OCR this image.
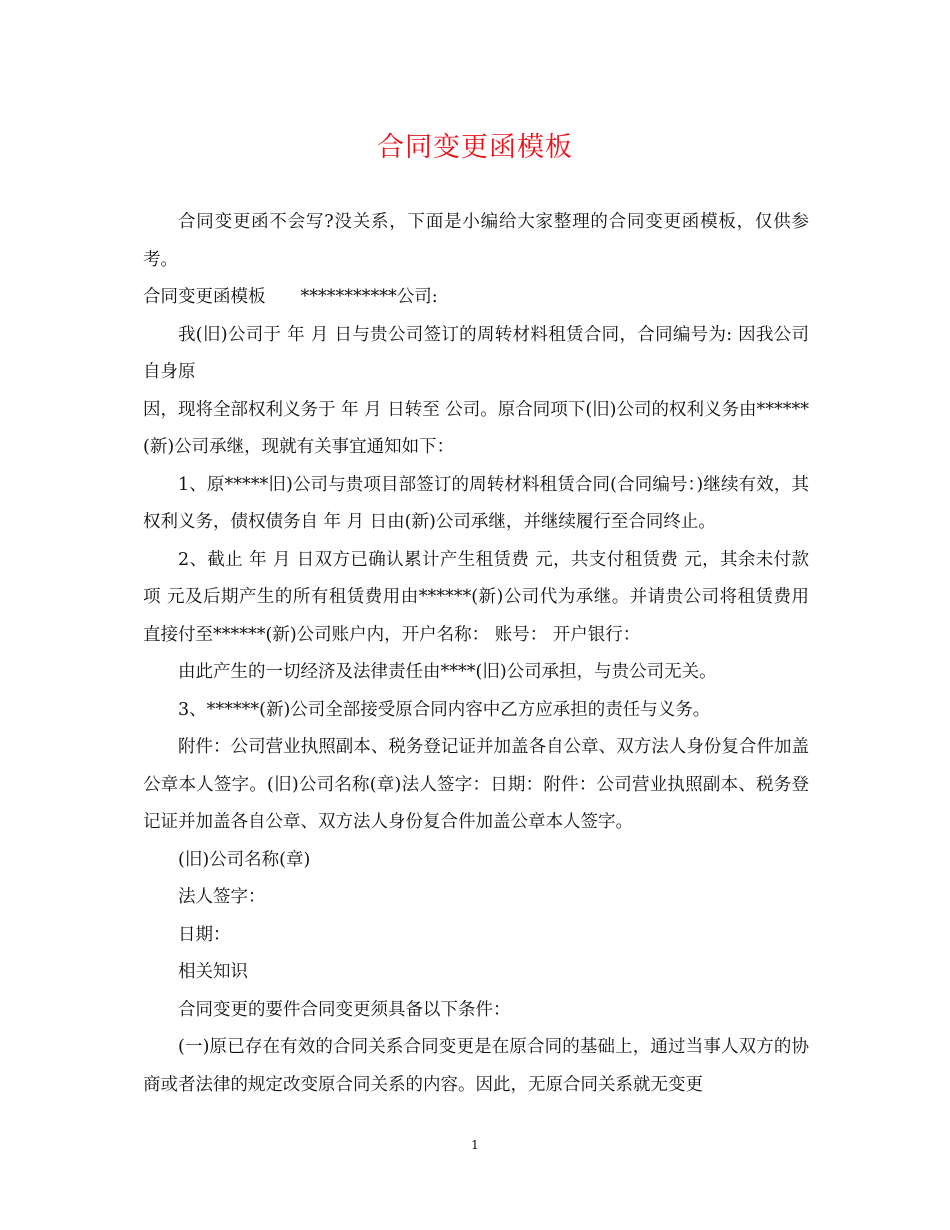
合同变更函模板

合同变更函不会写?没关系，下面是小编给大家整理的合同变更函模板，仅供参考。

合同变更函模板　　***********公司:

我(旧)公司于 年 月 日与贵公司签订的周转材料租赁合同，合同编号为: 因我公司自身原

因，现将全部权利义务于 年 月 日转至 公司。原合同项下(旧)公司的权利义务由******(新)公司承继，现就有关事宜通知如下：

1、原*****旧)公司与贵项目部签订的周转材料租赁合同(合同编号：)继续有效，其权利义务，债权债务自 年 月 日由(新)公司承继，并继续履行至合同终止。

2、截止 年 月 日双方已确认累计产生租赁费 元，共支付租赁费 元，其余未付款项 元及后期产生的所有租赁费用由******(新)公司代为承继。并请贵公司将租赁费用直接付至******(新)公司账户内，开户名称： 账号： 开户银行：

由此产生的一切经济及法律责任由****(旧)公司承担，与贵公司无关。

3、******(新)公司全部接受原合同内容中乙方应承担的责任与义务。

附件：公司营业执照副本、税务登记证并加盖各自公章、双方法人身份复合件加盖公章本人签字。(旧)公司名称(章)法人签字：日期：附件：公司营业执照副本、税务登记证并加盖各自公章、双方法人身份复合件加盖公章本人签字。

(旧)公司名称(章)

法人签字：

日期：

相关知识

合同变更的要件合同变更须具备以下条件：

(一)原已存在有效的合同关系合同变更是在原合同的基础上，通过当事人双方的协商或者法律的规定改变原合同关系的内容。因此，无原合同关系就无变更

1
